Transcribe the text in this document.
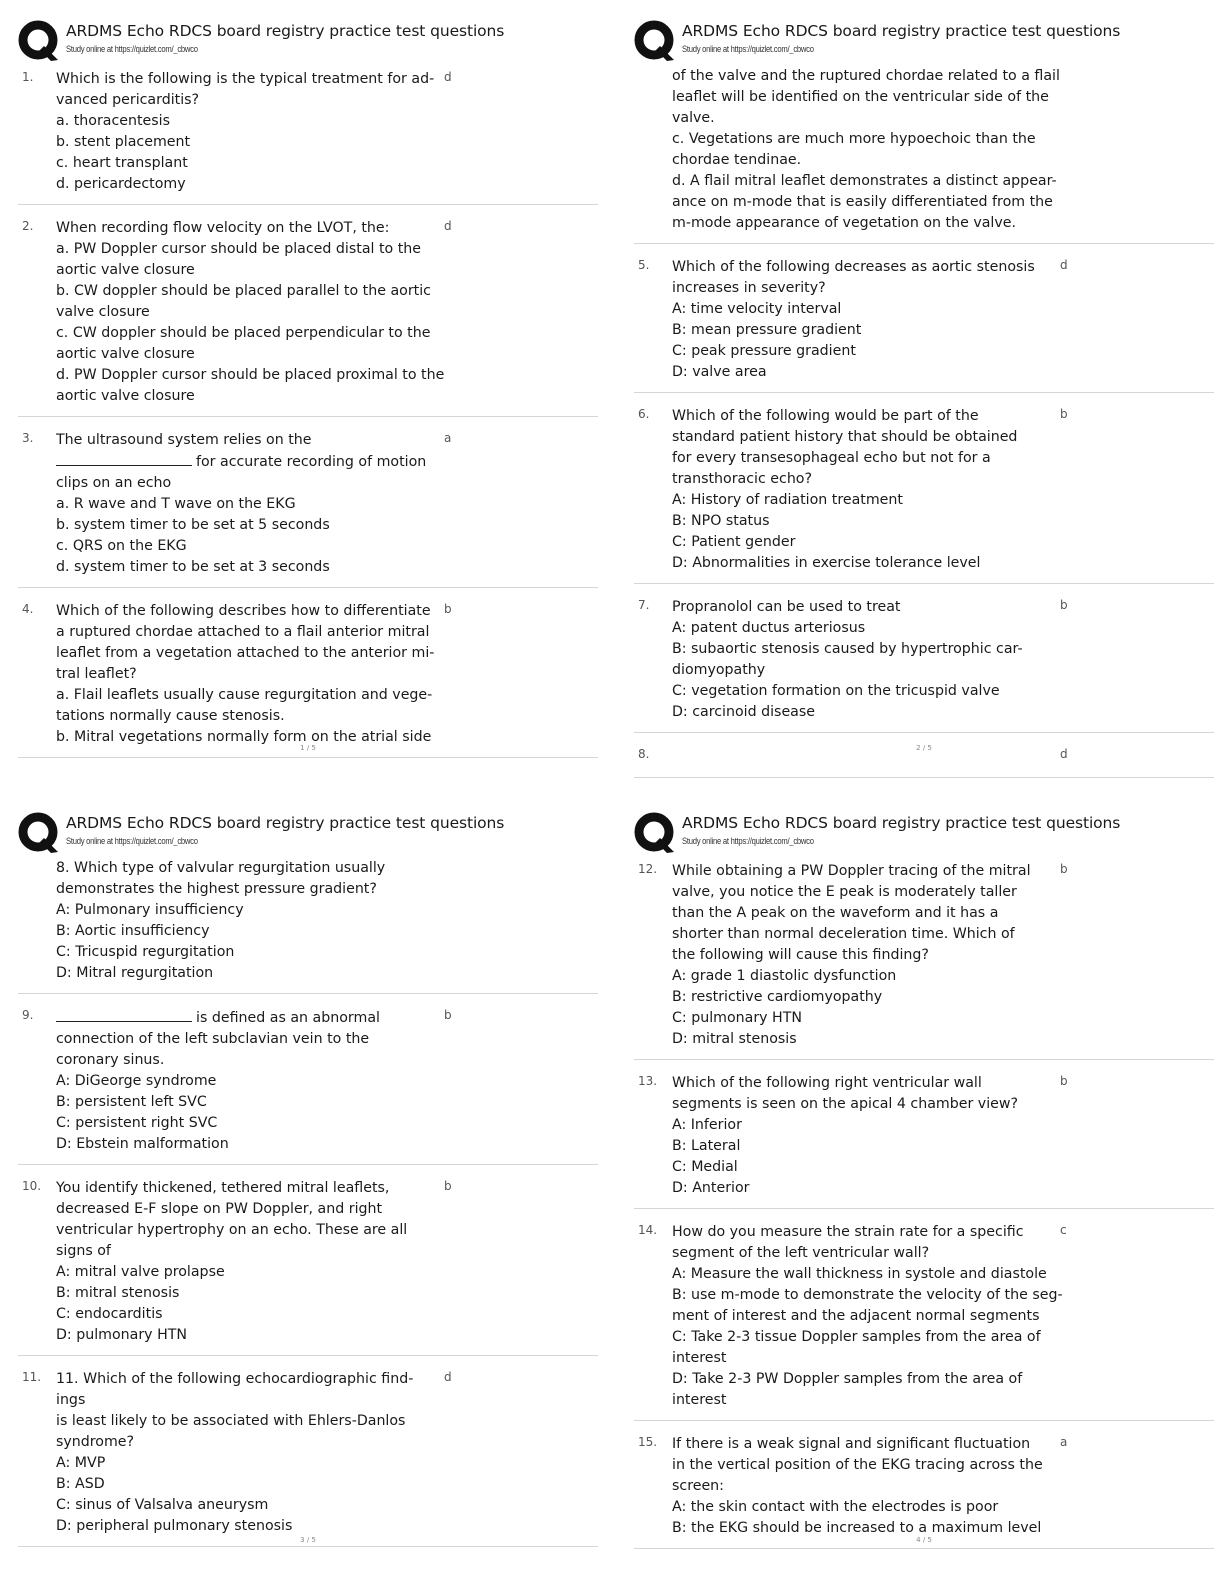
ARDMS Echo RDCS board registry practice test questions
Study online at https://quizlet.com/_cbwco
1.	d
Which is the following is the typical treatment for ad-
vanced pericarditis?
a. thoracentesis
b. stent placement
c. heart transplant
d. pericardectomy
2.	d
When recording flow velocity on the LVOT, the:
a. PW Doppler cursor should be placed distal to the
aortic valve closure
b. CW doppler should be placed parallel to the aortic
valve closure
c. CW doppler should be placed perpendicular to the
aortic valve closure
d. PW Doppler cursor should be placed proximal to the
aortic valve closure
3.	a
The ultrasound system relies on the
for accurate recording of motion
clips on an echo
a. R wave and T wave on the EKG
b. system timer to be set at 5 seconds
c. QRS on the EKG
d. system timer to be set at 3 seconds
4.	b
Which of the following describes how to differentiate
a ruptured chordae attached to a flail anterior mitral
leaflet from a vegetation attached to the anterior mi-
tral leaflet?
a. Flail leaflets usually cause regurgitation and vege-
tations normally cause stenosis.
b. Mitral vegetations normally form on the atrial side
1 / 5
ARDMS Echo RDCS board registry practice test questions
Study online at https://quizlet.com/_cbwco
of the valve and the ruptured chordae related to a flail
leaflet will be identified on the ventricular side of the
valve.
c. Vegetations are much more hypoechoic than the
chordae tendinae.
d. A flail mitral leaflet demonstrates a distinct appear-
ance on m-mode that is easily differentiated from the
m-mode appearance of vegetation on the valve.
5.	d
Which of the following decreases as aortic stenosis
increases in severity?
A: time velocity interval
B: mean pressure gradient
C: peak pressure gradient
D: valve area
6.	b
Which of the following would be part of the
standard patient history that should be obtained
for every transesophageal echo but not for a
transthoracic echo?
A: History of radiation treatment
B: NPO status
C: Patient gender
D: Abnormalities in exercise tolerance level
7.	b
Propranolol can be used to treat
A: patent ductus arteriosus
B: subaortic stenosis caused by hypertrophic car-
diomyopathy
C: vegetation formation on the tricuspid valve
D: carcinoid disease
8.	d
2 / 5
ARDMS Echo RDCS board registry practice test questions
Study online at https://quizlet.com/_cbwco
8. Which type of valvular regurgitation usually
demonstrates the highest pressure gradient?
A: Pulmonary insufficiency
B: Aortic insufficiency
C: Tricuspid regurgitation
D: Mitral regurgitation
9.	b
is defined as an abnormal
connection of the left subclavian vein to the
coronary sinus.
A: DiGeorge syndrome
B: persistent left SVC
C: persistent right SVC
D: Ebstein malformation
10.	b
You identify thickened, tethered mitral leaflets,
decreased E-F slope on PW Doppler, and right
ventricular hypertrophy on an echo. These are all
signs of
A: mitral valve prolapse
B: mitral stenosis
C: endocarditis
D: pulmonary HTN
11.	d
11. Which of the following echocardiographic find-
ings
is least likely to be associated with Ehlers-Danlos
syndrome?
A: MVP
B: ASD
C: sinus of Valsalva aneurysm
D: peripheral pulmonary stenosis
3 / 5
ARDMS Echo RDCS board registry practice test questions
Study online at https://quizlet.com/_cbwco
12.	b
While obtaining a PW Doppler tracing of the mitral
valve, you notice the E peak is moderately taller
than the A peak on the waveform and it has a
shorter than normal deceleration time. Which of
the following will cause this finding?
A: grade 1 diastolic dysfunction
B: restrictive cardiomyopathy
C: pulmonary HTN
D: mitral stenosis
13.	b
Which of the following right ventricular wall
segments is seen on the apical 4 chamber view?
A: Inferior
B: Lateral
C: Medial
D: Anterior
14.	c
How do you measure the strain rate for a specific
segment of the left ventricular wall?
A: Measure the wall thickness in systole and diastole
B: use m-mode to demonstrate the velocity of the seg-
ment of interest and the adjacent normal segments
C: Take 2-3 tissue Doppler samples from the area of
interest
D: Take 2-3 PW Doppler samples from the area of
interest
15.	a
If there is a weak signal and significant fluctuation
in the vertical position of the EKG tracing across the
screen:
A: the skin contact with the electrodes is poor
B: the EKG should be increased to a maximum level
4 / 5
